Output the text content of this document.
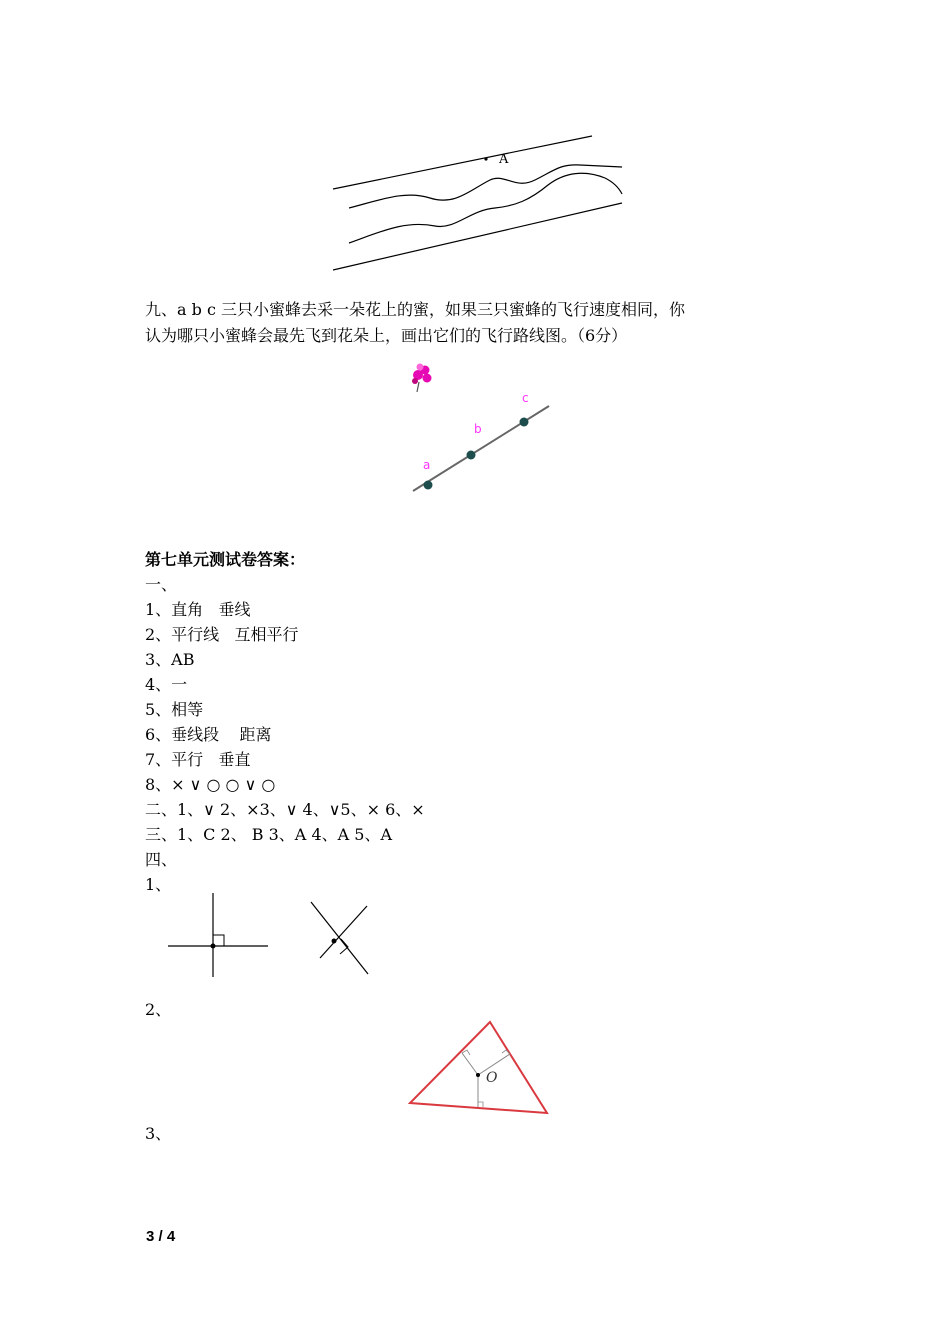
A
九、a b c 三只小蜜蜂去采一朵花上的蜜，如果三只蜜蜂的飞行速度相同，你
认为哪只小蜜蜂会最先飞到花朵上，画出它们的飞行路线图。（6分）
a
b
c
第七单元测试卷答案：
一、
1、直角   垂线
2、平行线   互相平行
3、AB
4、一
5、相等
6、垂线段    距离
7、平行   垂直
8、× ∨ ○ ○ ∨ ○
二、1、∨ 2、×3、∨ 4、∨5、× 6、×
三、1、C 2、 B 3、A 4、A 5、A
四、
1、
2、
O
3、
3 / 4
